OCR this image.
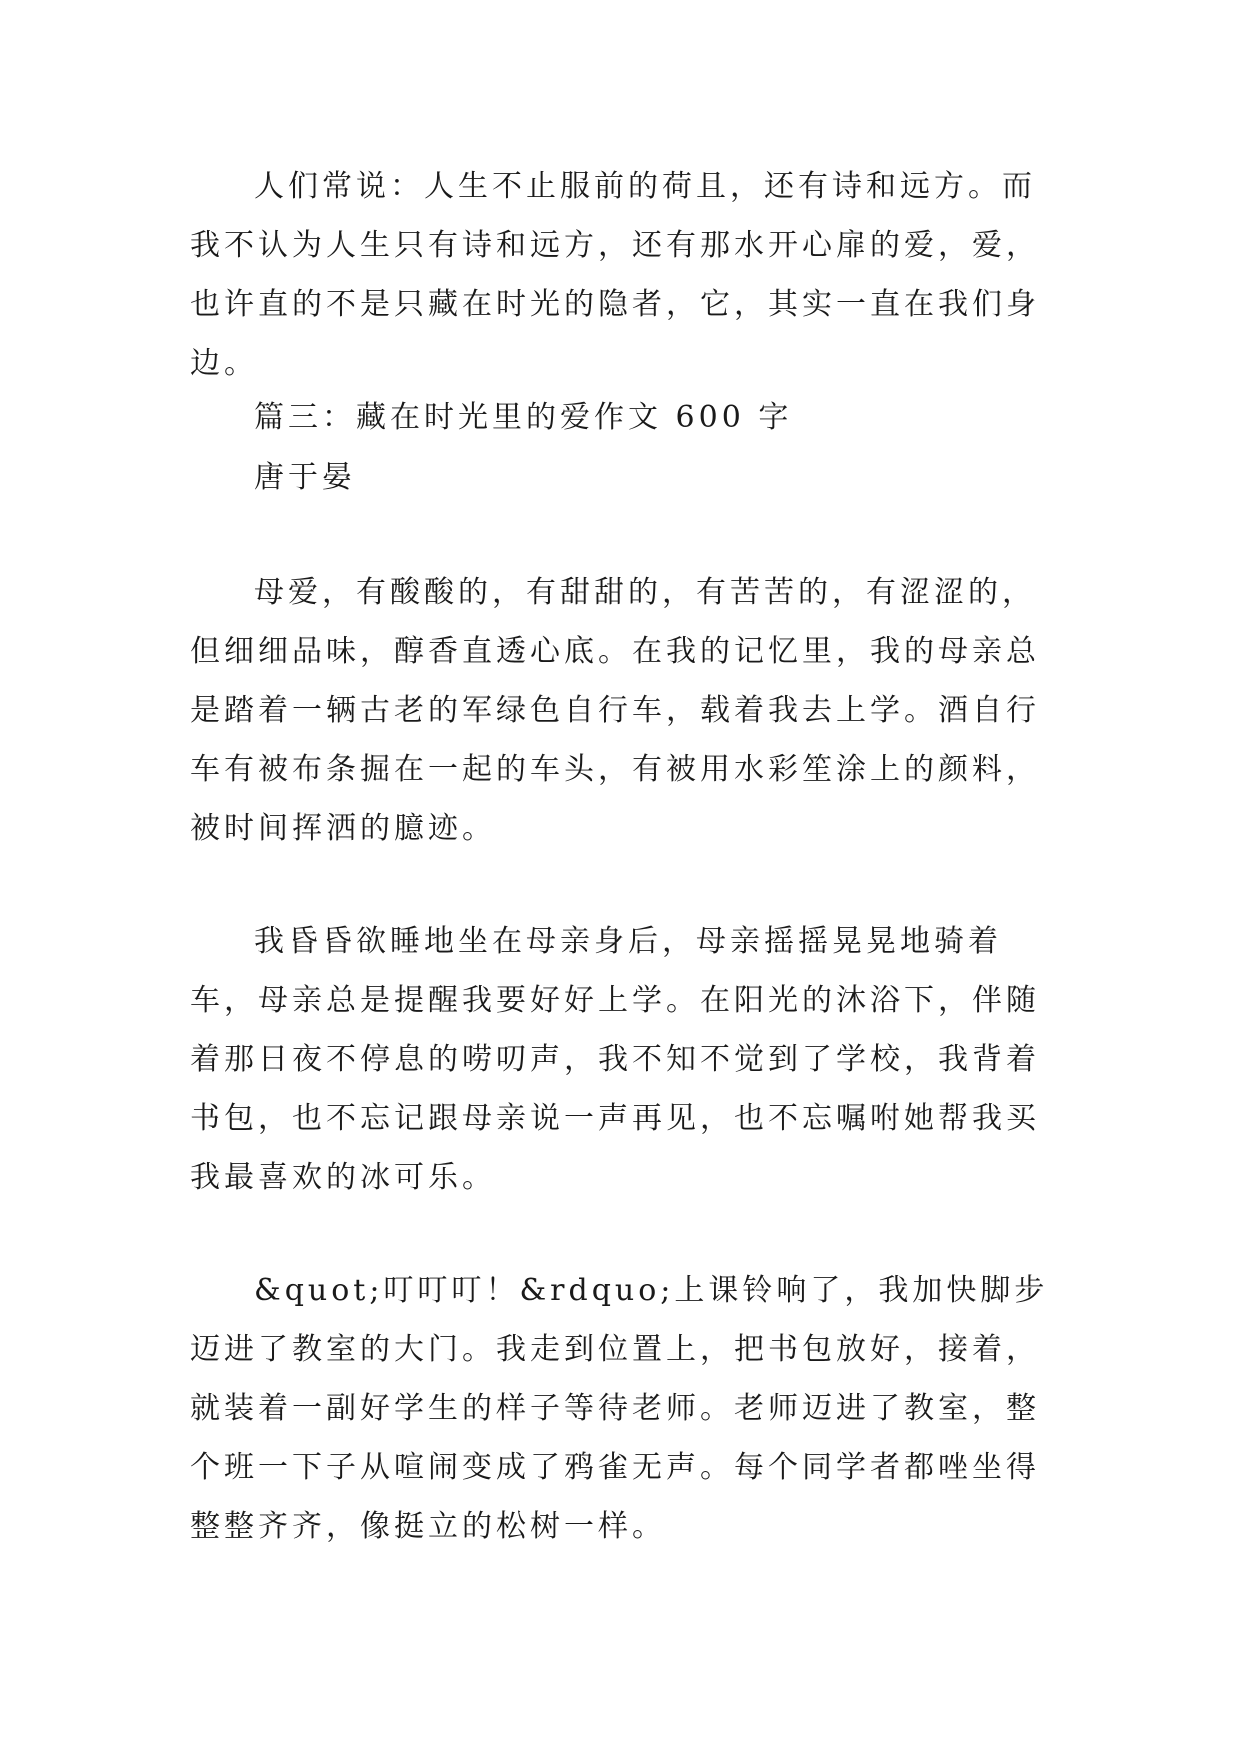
人们常说：人生不止服前的荷且，还有诗和远方。而我不认为人生只有诗和远方，还有那水开心扉的爱，爱，也许直的不是只藏在时光的隐者，它，其实一直在我们身边。

篇三：藏在时光里的爱作文 600 字

唐于晏

母爱，有酸酸的，有甜甜的，有苦苦的，有涩涩的，但细细品味，醇香直透心底。在我的记忆里，我的母亲总是踏着一辆古老的军绿色自行车，载着我去上学。酒自行车有被布条掘在一起的车头，有被用水彩笙涂上的颜料，被时间挥洒的臆迹。

我昏昏欲睡地坐在母亲身后，母亲摇摇晃晃地骑着车，母亲总是提醒我要好好上学。在阳光的沐浴下，伴随着那日夜不停息的唠叨声，我不知不觉到了学校，我背着书包，也不忘记跟母亲说一声再见，也不忘嘱咐她帮我买我最喜欢的冰可乐。

&quot;叮叮叮！&rdquo;上课铃响了，我加快脚步迈进了教室的大门。我走到位置上，把书包放好，接着，就装着一副好学生的样子等待老师。老师迈进了教室，整个班一下子从喧闹变成了鸦雀无声。每个同学者都唑坐得整整齐齐，像挺立的松树一样。
